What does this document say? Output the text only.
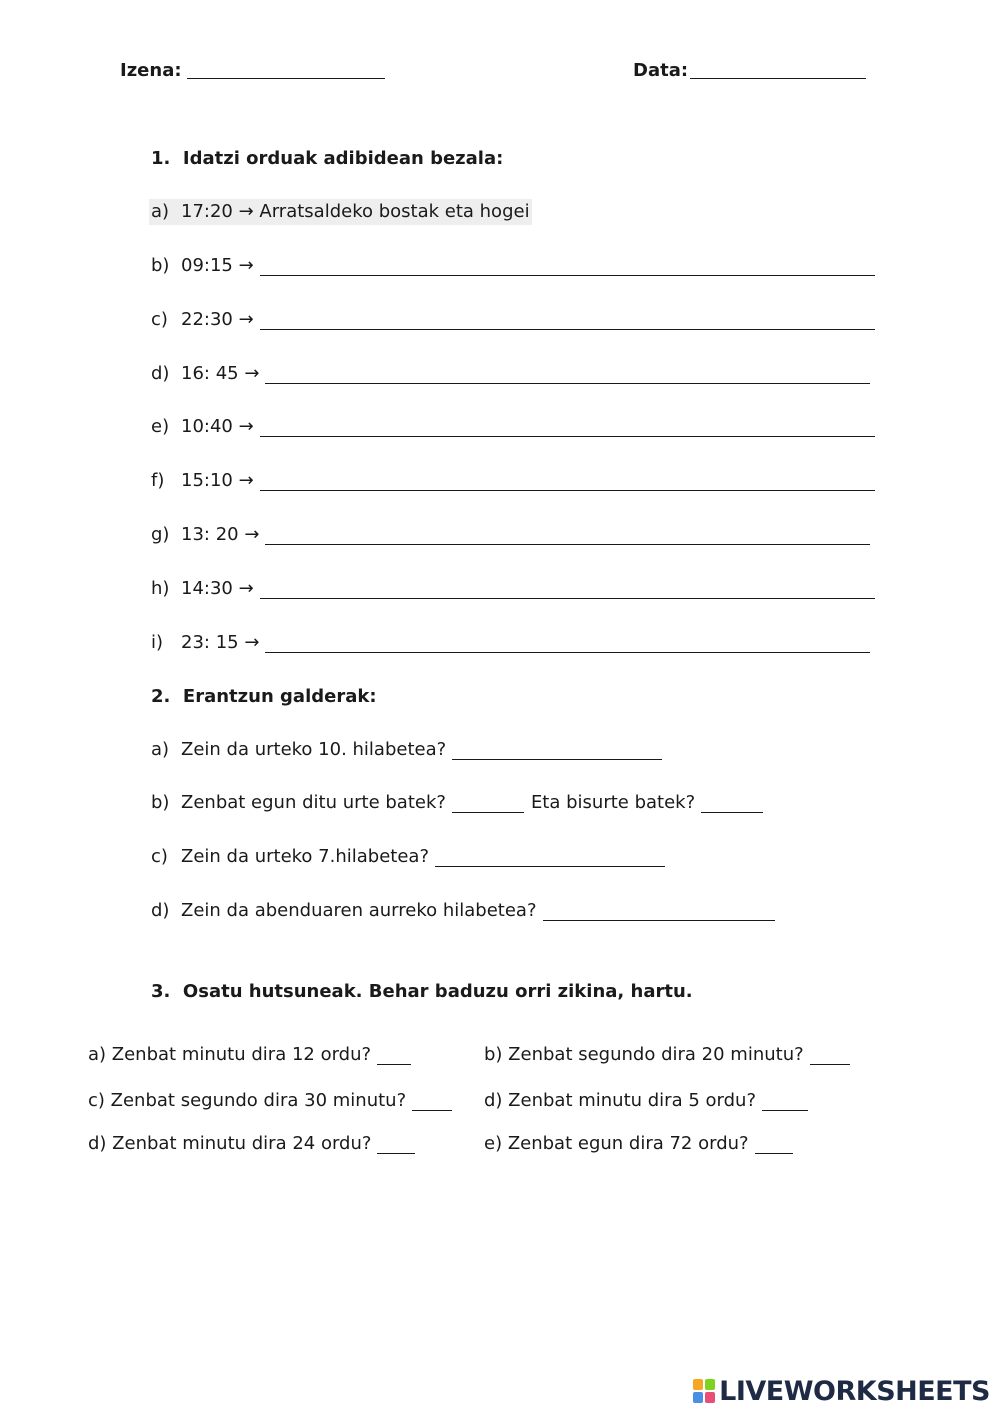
Izena:	Data:
1. Idatzi orduak adibidean bezala:
a) 17:20 → Arratsaldeko bostak eta hogei
b) 09:15 →
c) 22:30 →
d) 16: 45 →
e) 10:40 →
f) 15:10 →
g) 13: 20 →
h) 14:30 →
i) 23: 15 →
2. Erantzun galderak:
a) Zein da urteko 10. hilabetea?
b) Zenbat egun ditu urte batek?	Eta bisurte batek?
c) Zein da urteko 7.hilabetea?
d) Zein da abenduaren aurreko hilabetea?
3. Osatu hutsuneak. Behar baduzu orri zikina, hartu.
a) Zenbat minutu dira 12 ordu?
c) Zenbat segundo dira 30 minutu?
d) Zenbat minutu dira 24 ordu?
b) Zenbat segundo dira 20 minutu?
d) Zenbat minutu dira 5 ordu?
e) Zenbat egun dira 72 ordu?
LIVEWORKSHEETS
